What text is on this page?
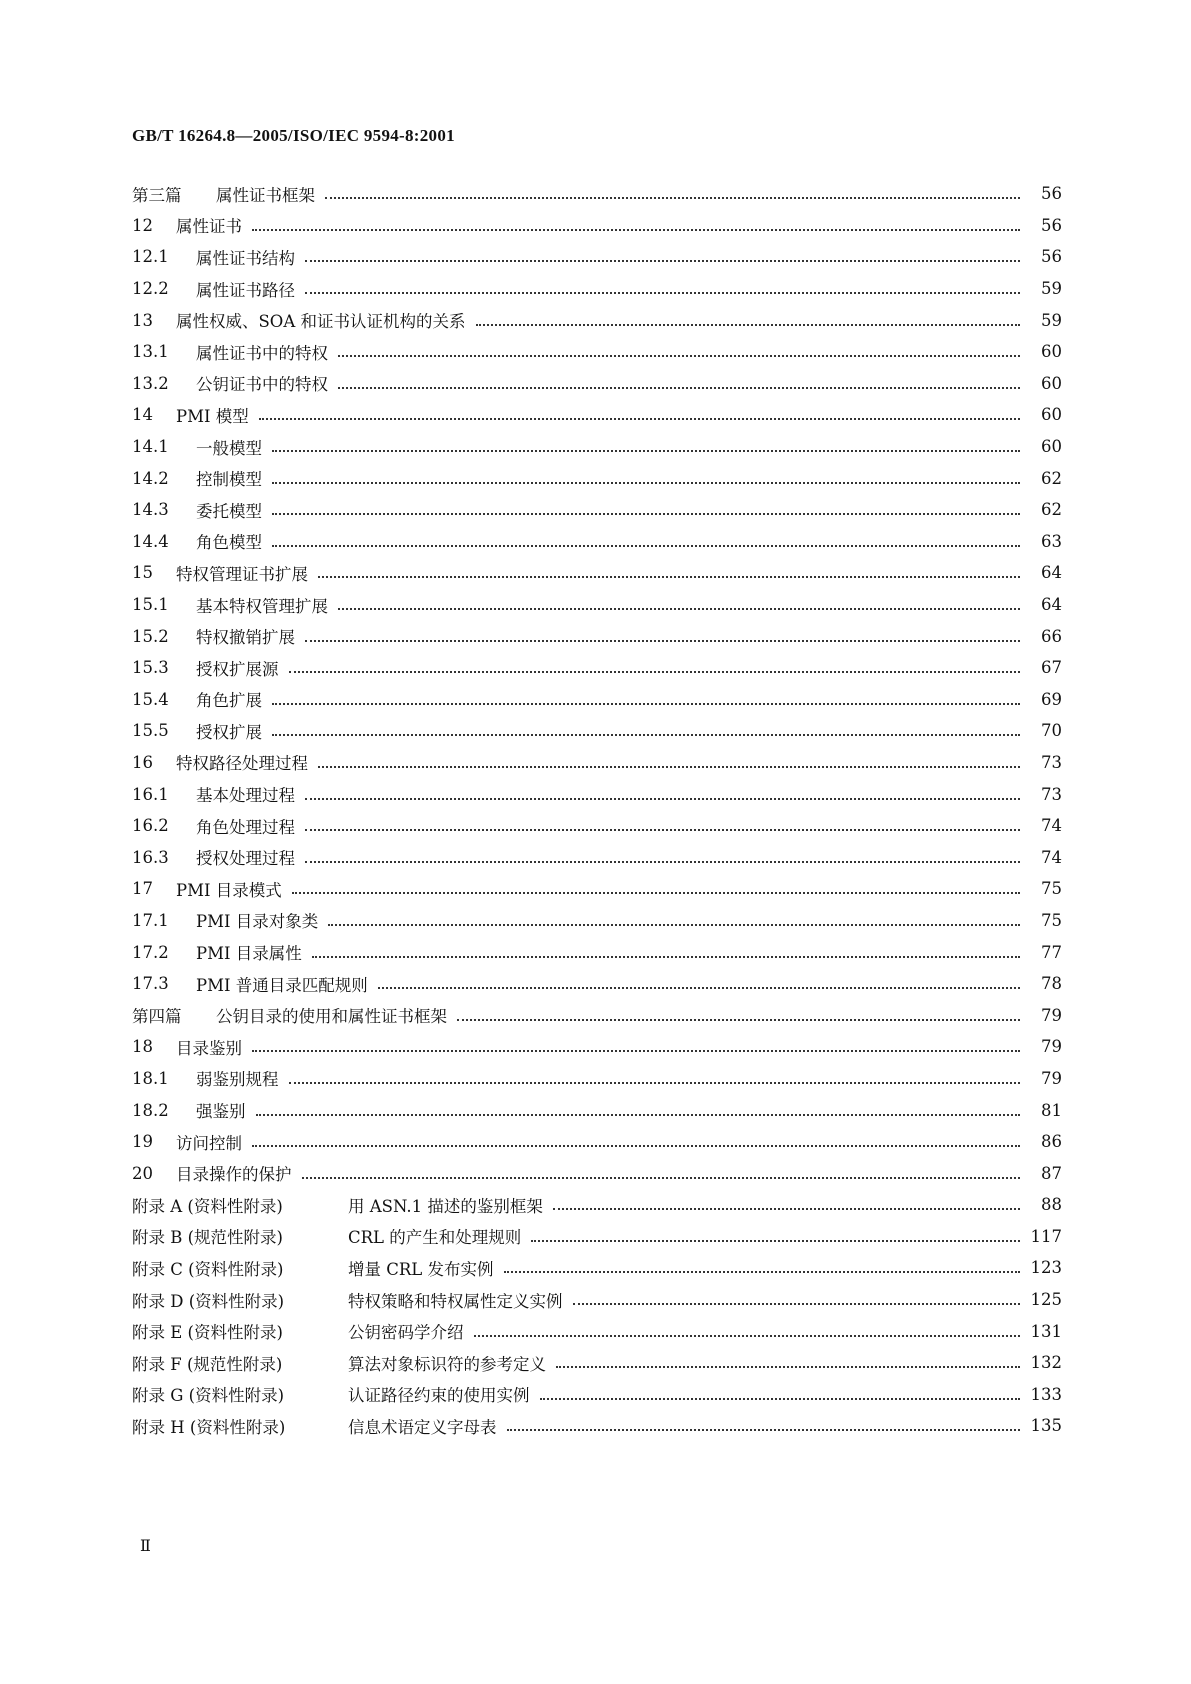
GB/T 16264.8—2005/ISO/IEC 9594-8:2001
第三篇	属性证书框架	56
12	属性证书	56
12.1	属性证书结构	56
12.2	属性证书路径	59
13	属性权威、SOA 和证书认证机构的关系	59
13.1	属性证书中的特权	60
13.2	公钥证书中的特权	60
14	PMI 模型	60
14.1	一般模型	60
14.2	控制模型	62
14.3	委托模型	62
14.4	角色模型	63
15	特权管理证书扩展	64
15.1	基本特权管理扩展	64
15.2	特权撤销扩展	66
15.3	授权扩展源	67
15.4	角色扩展	69
15.5	授权扩展	70
16	特权路径处理过程	73
16.1	基本处理过程	73
16.2	角色处理过程	74
16.3	授权处理过程	74
17	PMI 目录模式	75
17.1	PMI 目录对象类	75
17.2	PMI 目录属性	77
17.3	PMI 普通目录匹配规则	78
第四篇	公钥目录的使用和属性证书框架	79
18	目录鉴别	79
18.1	弱鉴别规程	79
18.2	强鉴别	81
19	访问控制	86
20	目录操作的保护	87
附录 A (资料性附录)	用 ASN.1 描述的鉴别框架	88
附录 B (规范性附录)	CRL 的产生和处理规则	117
附录 C (资料性附录)	增量 CRL 发布实例	123
附录 D (资料性附录)	特权策略和特权属性定义实例	125
附录 E (资料性附录)	公钥密码学介绍	131
附录 F (规范性附录)	算法对象标识符的参考定义	132
附录 G (资料性附录)	认证路径约束的使用实例	133
附录 H (资料性附录)	信息术语定义字母表	135
Ⅱ
